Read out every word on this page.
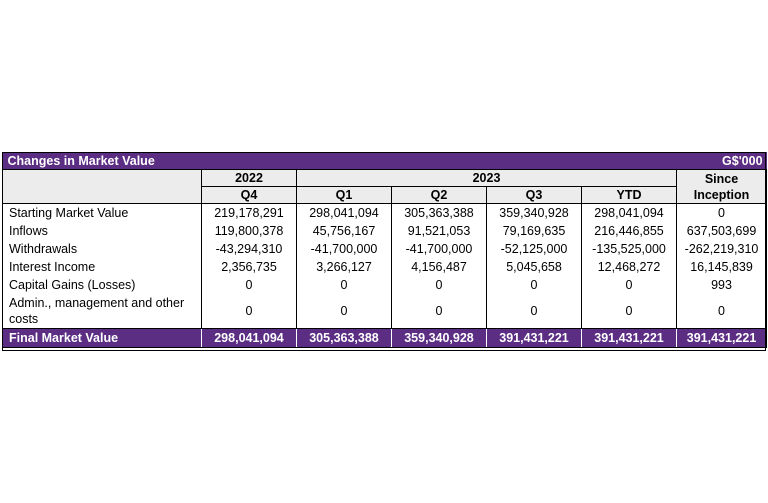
Changes in Market Value					G$'000	
	2022	2023				Since Inception
	Q4	Q1	Q2	Q3	YTD	
Starting Market Value	219,178,291	298,041,094	305,363,388	359,340,928	298,041,094	0
Inflows	119,800,378	45,756,167	91,521,053	79,169,635	216,446,855	637,503,699
Withdrawals	-43,294,310	-41,700,000	-41,700,000	-52,125,000	-135,525,000	-262,219,310
Interest Income	2,356,735	3,266,127	4,156,487	5,045,658	12,468,272	16,145,839
Capital Gains (Losses)	0	0	0	0	0	993
Admin., management and other costs	0	0	0	0	0	0
Final Market Value	298,041,094	305,363,388	359,340,928	391,431,221	391,431,221	391,431,221
